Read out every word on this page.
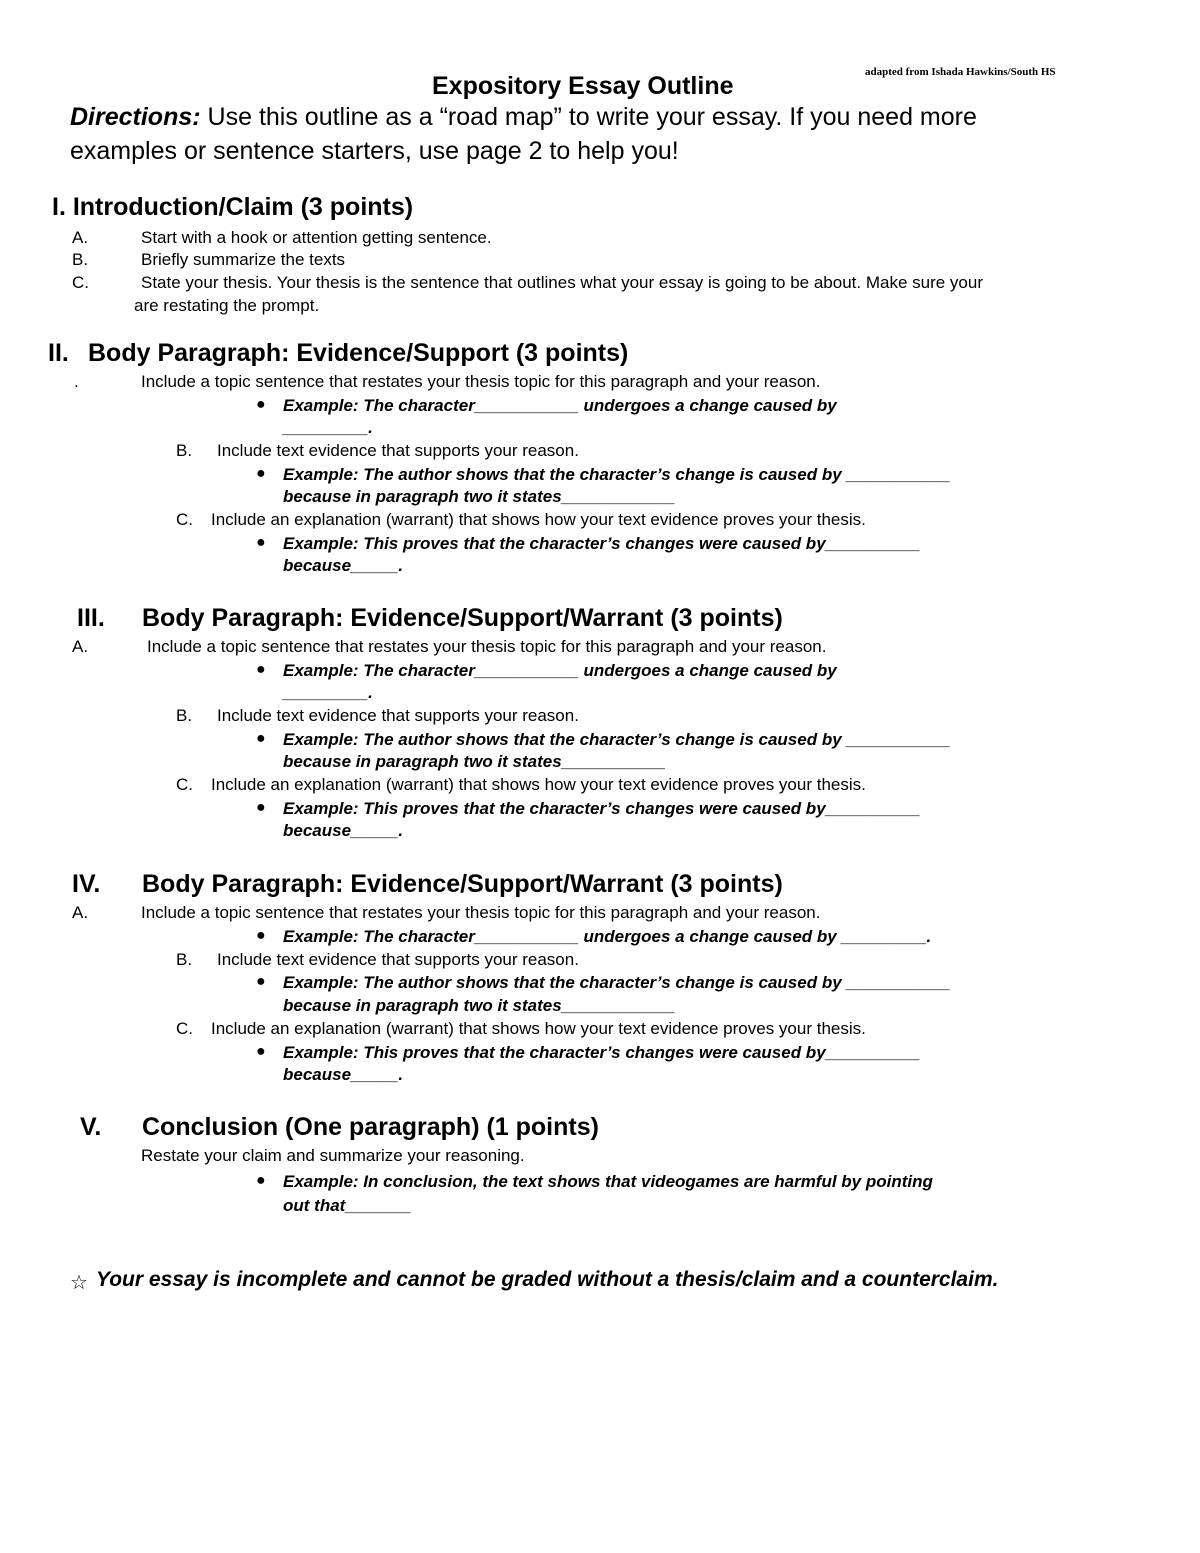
adapted from Ishada Hawkins/South HS
Expository Essay Outline
Directions: Use this outline as a “road map” to write your essay. If you need more
examples or sentence starters, use page 2 to help you!
I. Introduction/Claim (3 points)
A.	Start with a hook or attention getting sentence.
B.	Briefly summarize the texts
C.	State your thesis. Your thesis is the sentence that outlines what your essay is going to be about. Make sure your
are restating the prompt.
II. Body Paragraph: Evidence/Support (3 points)
.	Include a topic sentence that restates your thesis topic for this paragraph and your reason.
● Example: The character___________ undergoes a change caused by
_________.
B. Include text evidence that supports your reason.
● Example: The author shows that the character’s change is caused by ___________
because in paragraph two it states____________
C. Include an explanation (warrant) that shows how your text evidence proves your thesis.
● Example: This proves that the character’s changes were caused by__________
because_____.
III. Body Paragraph: Evidence/Support/Warrant (3 points)
A.	Include a topic sentence that restates your thesis topic for this paragraph and your reason.
● Example: The character___________ undergoes a change caused by
_________.
B. Include text evidence that supports your reason.
● Example: The author shows that the character’s change is caused by ___________
because in paragraph two it states___________
C. Include an explanation (warrant) that shows how your text evidence proves your thesis.
● Example: This proves that the character’s changes were caused by__________
because_____.
IV. Body Paragraph: Evidence/Support/Warrant (3 points)
A.	Include a topic sentence that restates your thesis topic for this paragraph and your reason.
● Example: The character___________ undergoes a change caused by _________.
B. Include text evidence that supports your reason.
● Example: The author shows that the character’s change is caused by ___________
because in paragraph two it states____________
C. Include an explanation (warrant) that shows how your text evidence proves your thesis.
● Example: This proves that the character’s changes were caused by__________
because_____.
V. Conclusion (One paragraph) (1 points)
Restate your claim and summarize your reasoning.
● Example: In conclusion, the text shows that videogames are harmful by pointing
out that_______
☆ Your essay is incomplete and cannot be graded without a thesis/claim and a counterclaim.
